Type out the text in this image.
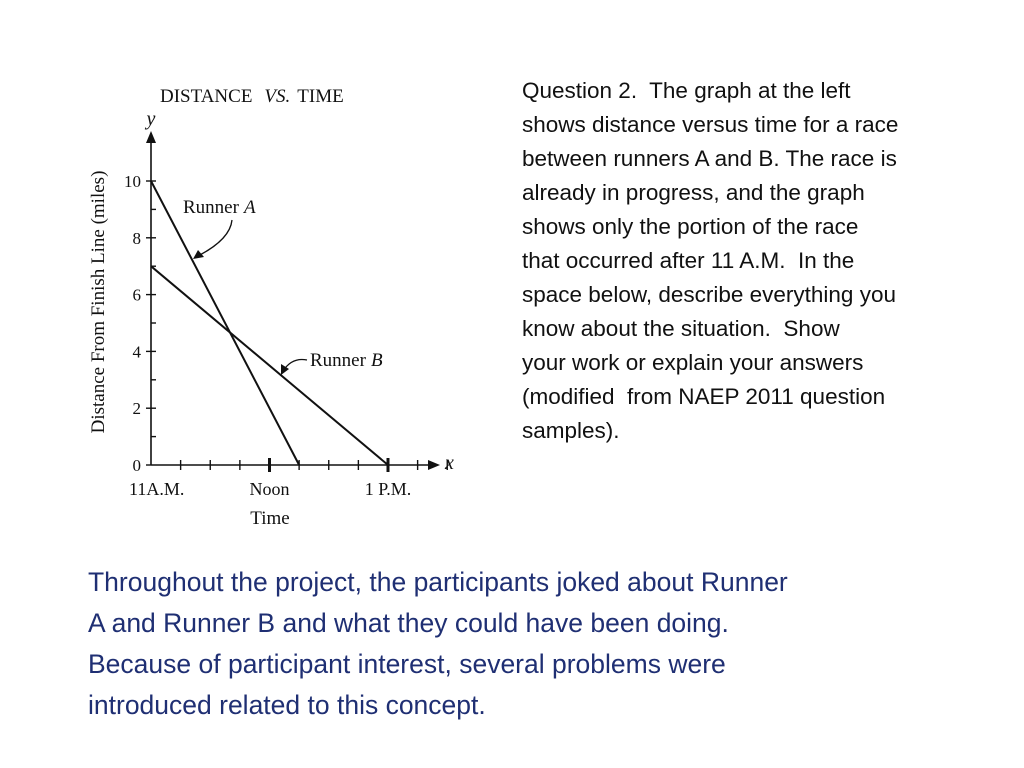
DISTANCE VS. TIME
Distance From Finish Line (miles)
Time
y
x
Runner A
Runner B
0
2
4
6
8
10
11A.M.	Noon	1 P.M.
Question 2.  The graph at the left
shows distance versus time for a race
between runners A and B. The race is
already in progress, and the graph
shows only the portion of the race
that occurred after 11 A.M.  In the
space below, describe everything you
know about the situation.  Show
your work or explain your answers
(modified  from NAEP 2011 question
samples).
Throughout the project, the participants joked about Runner
A and Runner B and what they could have been doing.
Because of participant interest, several problems were
introduced related to this concept.
